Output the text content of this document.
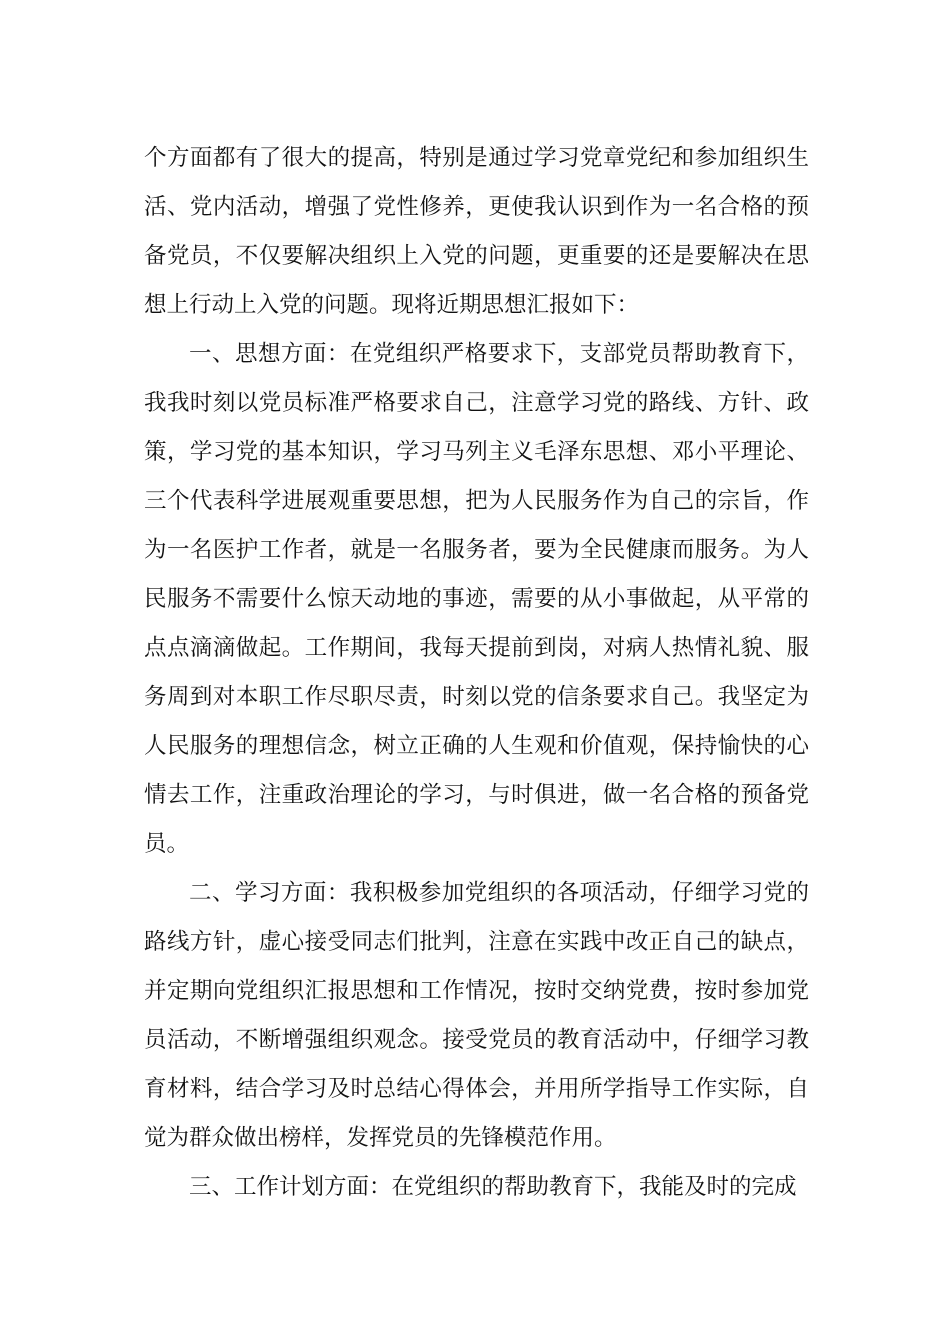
个方面都有了很大的提高，特别是通过学习党章党纪和参加组织生活、党内活动，增强了党性修养，更使我认识到作为一名合格的预备党员，不仅要解决组织上入党的问题，更重要的还是要解决在思想上行动上入党的问题。现将近期思想汇报如下：

一、思想方面：在党组织严格要求下，支部党员帮助教育下，我我时刻以党员标准严格要求自己，注意学习党的路线、方针、政策，学习党的基本知识，学习马列主义毛泽东思想、邓小平理论、三个代表科学进展观重要思想，把为人民服务作为自己的宗旨，作为一名医护工作者，就是一名服务者，要为全民健康而服务。为人民服务不需要什么惊天动地的事迹，需要的从小事做起，从平常的点点滴滴做起。工作期间，我每天提前到岗，对病人热情礼貌、服务周到对本职工作尽职尽责，时刻以党的信条要求自己。我坚定为人民服务的理想信念，树立正确的人生观和价值观，保持愉快的心情去工作，注重政治理论的学习，与时俱进，做一名合格的预备党员。

二、学习方面：我积极参加党组织的各项活动，仔细学习党的路线方针，虚心接受同志们批判，注意在实践中改正自己的缺点，并定期向党组织汇报思想和工作情况，按时交纳党费，按时参加党员活动，不断增强组织观念。接受党员的教育活动中，仔细学习教育材料，结合学习及时总结心得体会，并用所学指导工作实际，自觉为群众做出榜样，发挥党员的先锋模范作用。

三、工作计划方面：在党组织的帮助教育下，我能及时的完成
